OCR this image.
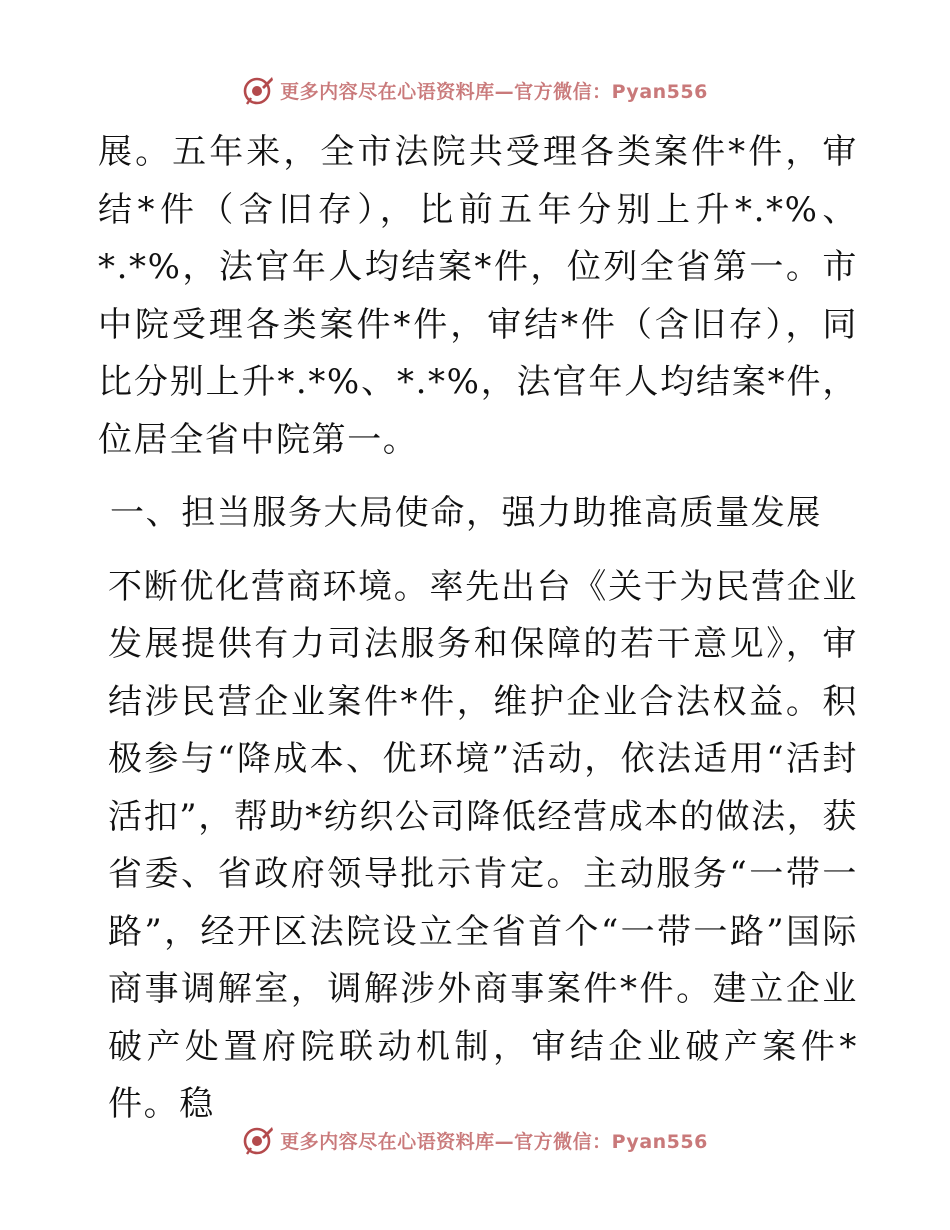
更多内容尽在心语资料库—官方微信：Pyan556

展。五年来，全市法院共受理各类案件*件，审结*件（含旧存），比前五年分别上升*.*%、*.*%，法官年人均结案*件，位列全省第一。市中院受理各类案件*件，审结*件（含旧存），同比分别上升*.*%、*.*%，法官年人均结案*件，位居全省中院第一。

一、担当服务大局使命，强力助推高质量发展

不断优化营商环境。率先出台《关于为民营企业发展提供有力司法服务和保障的若干意见》，审结涉民营企业案件*件，维护企业合法权益。积极参与“降成本、优环境”活动，依法适用“活封活扣”，帮助*纺织公司降低经营成本的做法，获省委、省政府领导批示肯定。主动服务“一带一路”，经开区法院设立全省首个“一带一路”国际商事调解室，调解涉外商事案件*件。建立企业破产处置府院联动机制，审结企业破产案件*件。稳

更多内容尽在心语资料库—官方微信：Pyan556
